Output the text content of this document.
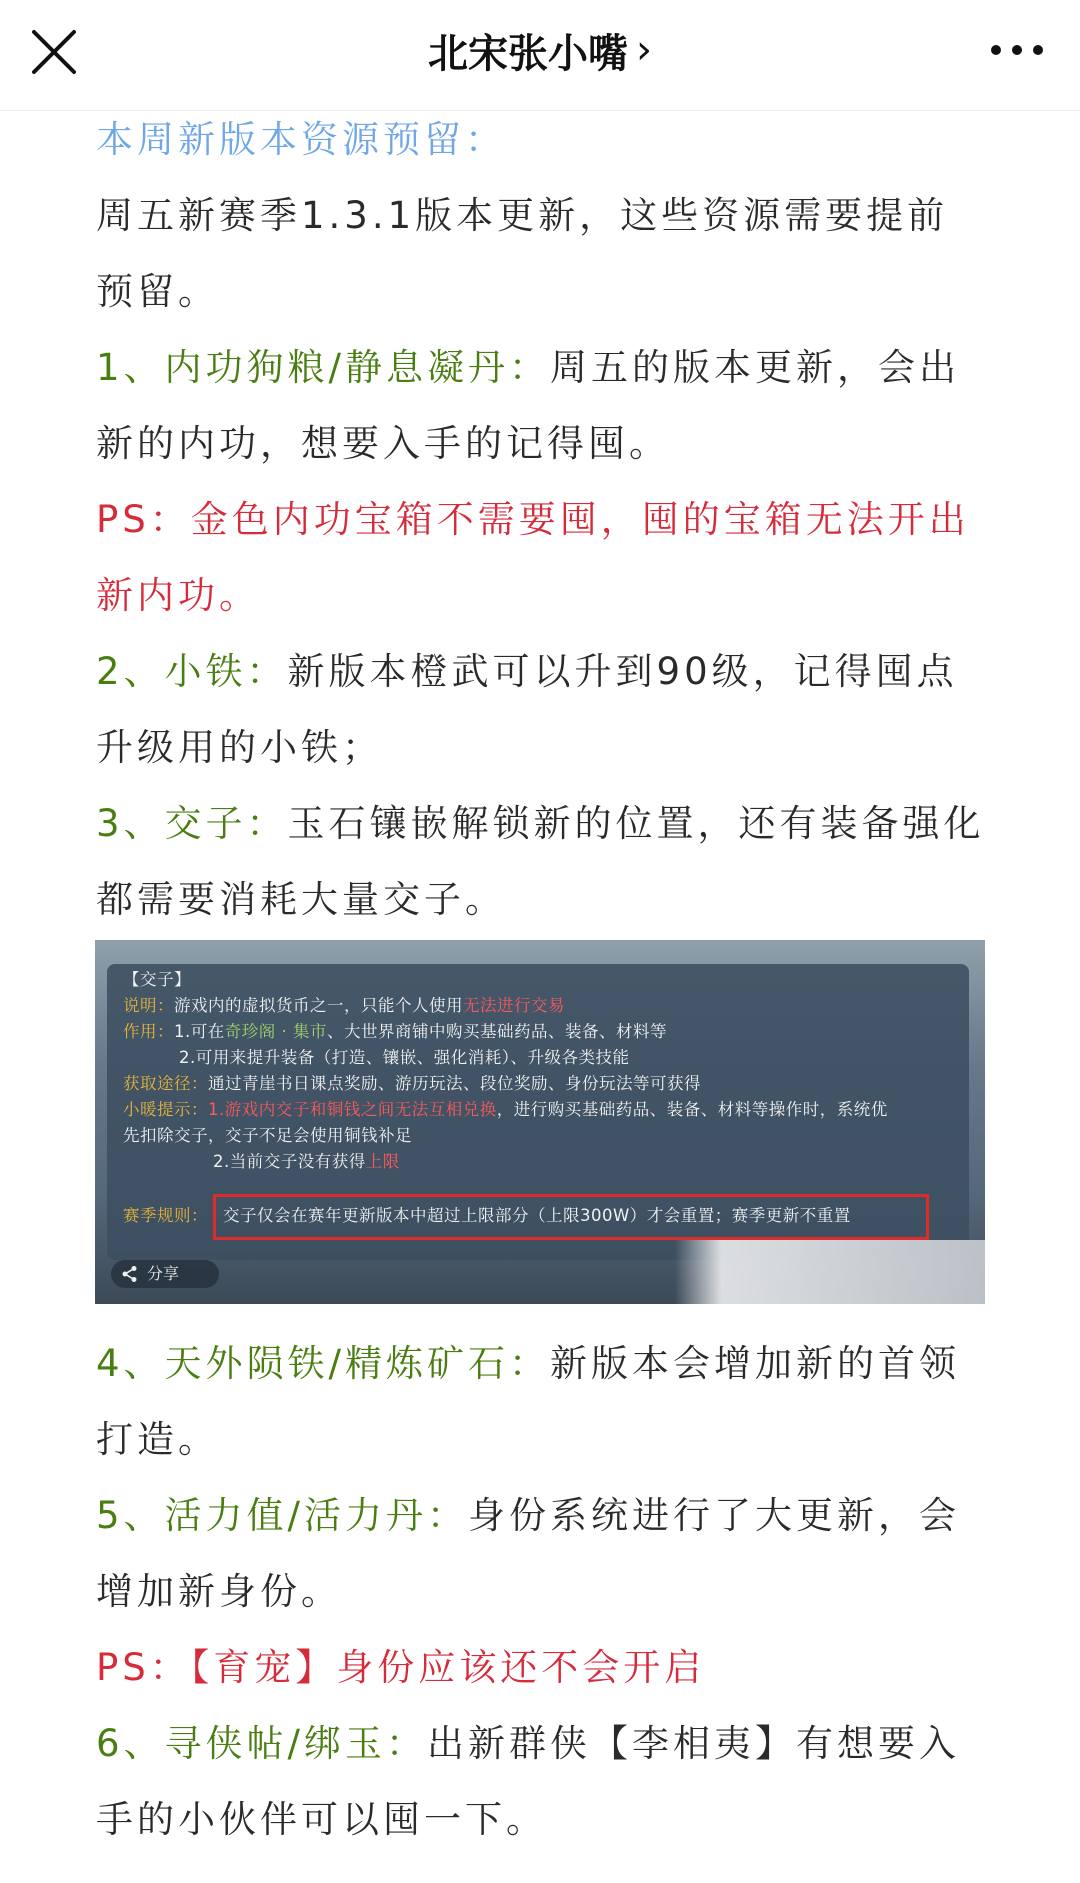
北宋张小嘴 ›

本周新版本资源预留：

周五新赛季1.3.1版本更新，这些资源需要提前预留。

1、内功狗粮/静息凝丹：周五的版本更新，会出新的内功，想要入手的记得囤。

PS：金色内功宝箱不需要囤，囤的宝箱无法开出新内功。

2、小铁：新版本橙武可以升到90级，记得囤点升级用的小铁；

3、交子：玉石镶嵌解锁新的位置，还有装备强化都需要消耗大量交子。

【交子】
说明：游戏内的虚拟货币之一，只能个人使用无法进行交易
作用：1.可在奇珍阁 · 集市、大世界商铺中购买基础药品、装备、材料等
2.可用来提升装备（打造、镶嵌、强化消耗）、升级各类技能
获取途径：通过青崖书日课点奖励、游历玩法、段位奖励、身份玩法等可获得
小暖提示：1.游戏内交子和铜钱之间无法互相兑换，进行购买基础药品、装备、材料等操作时，系统优
先扣除交子，交子不足会使用铜钱补足
2.当前交子没有获得上限
赛季规则： 交子仅会在赛年更新版本中超过上限部分（上限300W）才会重置；赛季更新不重置
分享

4、天外陨铁/精炼矿石：新版本会增加新的首领打造。

5、活力值/活力丹：身份系统进行了大更新，会增加新身份。

PS：【育宠】身份应该还不会开启

6、寻侠帖/绑玉：出新群侠【李相夷】有想要入手的小伙伴可以囤一下。
